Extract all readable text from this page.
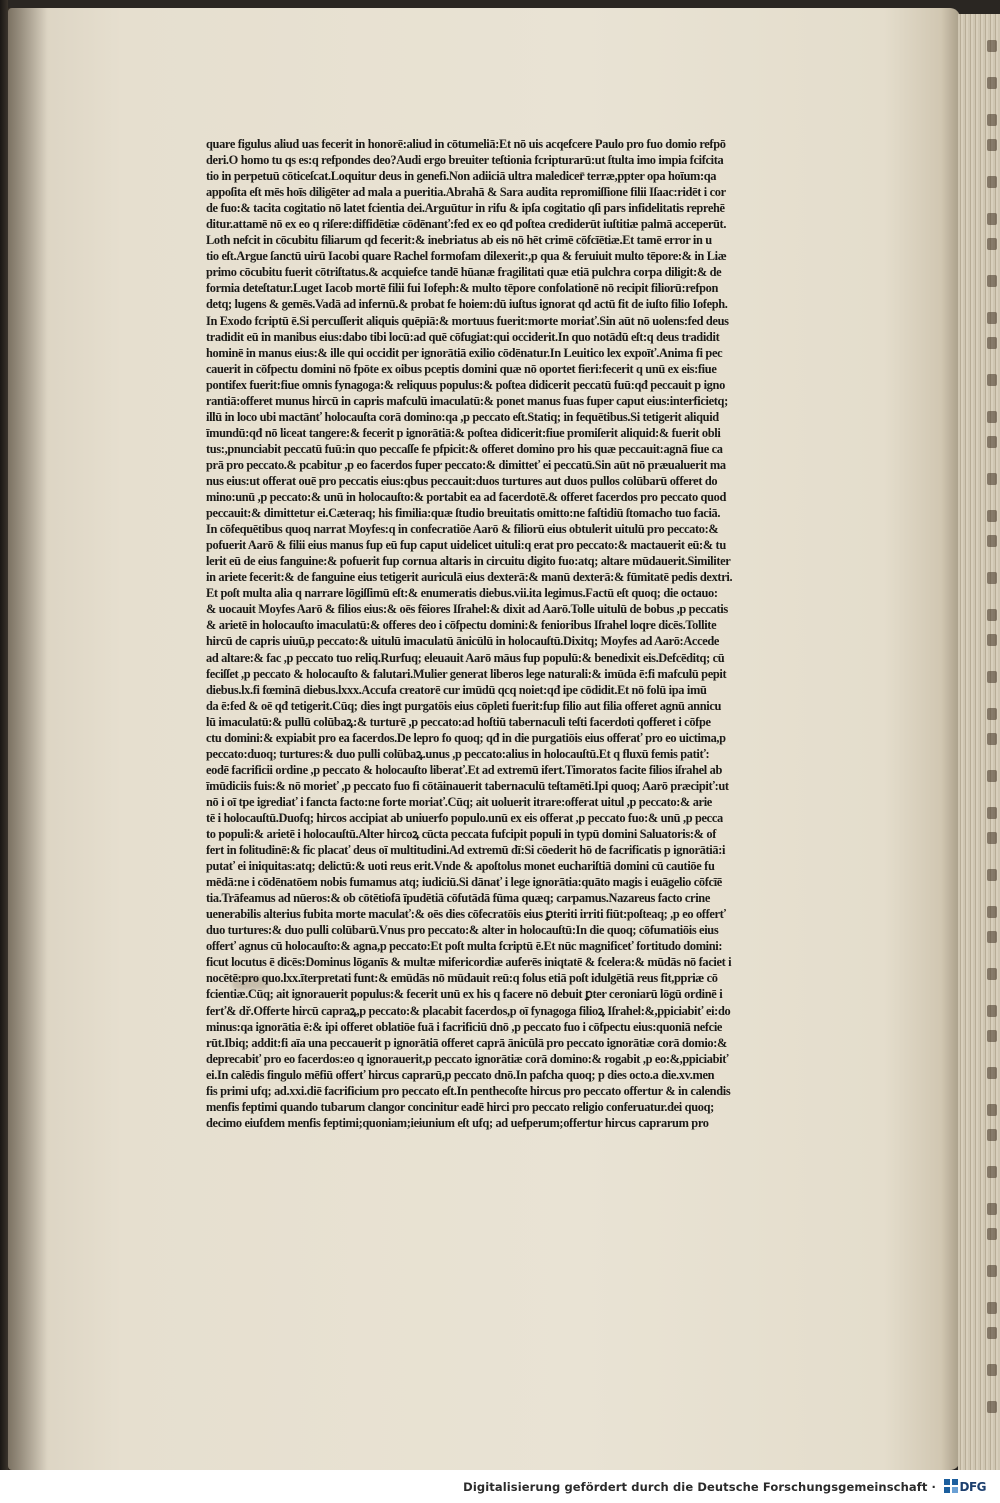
quare figulus aliud uas fecerit in honorē:aliud in cōtumeliā:Et nō uis acqefcere Paulo pro fuo domio refpō
deri.O homo tu qs es:q refpondes deo?Audi ergo breuiter teſtionia fcripturarū:ut ſtulta imo impia fcifcita
tio in perpetuū cōticeſcat.Loquitur deus in genefi.Non adiiciā ultra maledicer̄ terræ,ppter opa hoīum:qa
appoſita eſt mēs hoīs diligēter ad mala a pueritia.Abrahā & Sara audita repromiſſione filii Iſaac:ridēt i cor
de fuo:& tacita cogitatio nō latet fcientia dei.Arguūtur in rifu & ipſa cogitatio qſi pars infidelitatis reprehē
ditur.attamē nō ex eo q riſere:diffidētiæ cōdēnanť:fed ex eo qđ poſtea crediderūt iuſtitiæ palmā acceperūt.
Loth nefcit in cōcubitu filiarum qd fecerit:& inebriatus ab eis nō hēt crimē cōfcīētiæ.Et tamē error in u
tio eſt.Argue ſanctū uirū Iacobi quare Rachel formofam dilexerit:,p qua & feruiuit multo tēpore:& in Liæ
primo cōcubitu fuerit cōtriſtatus.& acquiefce tandē hūanæ fragilitati quæ etiā pulchra corpa diligit:& de
formia deteſtatur.Luget Iacob mortē filii fui Iofeph:& multo tēpore confolationē nō recipit filiorū:refpon
detq; lugens & gemēs.Vadā ad infernū.& probat fe hoiem:dū iuſtus ignorat qd actū fit de iuſto filio Iofeph.
In Exodo fcriptū ē.Si percuſſerit aliquis quēpiā:& mortuus fuerit:morte moriať.Sin aūt nō uolens:fed deus
tradidit eū in manibus eius:dabo tibi locū:ad quē cōfugiat:qui occiderit.In quo notādū eſt:q deus tradidit
hominē in manus eius:& ille qui occidit per ignorātiā exilio cōdēnatur.In Leuitico lex expoīť.Anima fi pec
cauerit in cōfpectu domini nō fpōte ex oibus pceptis domini quæ nō oportet fieri:fecerit q unū ex eis:fiue
pontifex fuerit:fiue omnis fynagoga:& reliquus populus:& poſtea didicerit peccatū fuū:qđ peccauit p igno
rantiā:offeret munus hircū in capris mafculū imaculatū:& ponet manus fuas fuper caput eius:interficietq;
illū in loco ubi mactānť holocauſta corā domino:qa ,p peccato eſt.Statiq; in fequētibus.Si tetigerit aliquid
īmundū:qđ nō liceat tangere:& fecerit p ignorātiā:& poſtea didicerit:fiue promiſerit aliquid:& fuerit obli
tus:,pnunciabit peccatū fuū:in quo peccaſſe fe pfpicit:& offeret domino pro his quæ peccauit:agnā fiue ca
prā pro peccato.& pcabitur ,p eo facerdos fuper peccato:& dimitteť ei peccatū.Sin aūt nō præualuerit ma
nus eius:ut offerat ouē pro peccatis eius:qbus peccauit:duos turtures aut duos pullos colūbarū offeret do
mino:unū ,p peccato:& unū in holocauſto:& portabit ea ad facerdotē.& offeret facerdos pro peccato quod
peccauit:& dimittetur ei.Cæteraq; his fimilia:quæ ſtudio breuitatis omitto:ne faſtidiū ſtomacho tuo faciā.
In cōfequētibus quoq narrat Moyfes:q in confecratiōe Aarō & filiorū eius obtulerit uitulū pro peccato:&
pofuerit Aarō & filii eius manus fup eū fup caput uidelicet uituli:q erat pro peccato:& mactauerit eū:& tu
lerit eū de eius fanguine:& pofuerit fup cornua altaris in circuitu digito fuo:atq; altare mūdauerit.Similiter
in ariete fecerit:& de fanguine eius tetigerit auriculā eius dexterā:& manū dexterā:& fūmitatē pedis dextri.
Et poſt multa alia q narrare lōgiſſimū eſt:& enumeratis diebus.vii.ita legimus.Factū eſt quoq; die octauo:
& uocauit Moyfes Aarō & filios eius:& oēs fēiores Iſrahel:& dixit ad Aarō.Tolle uitulū de bobus ,p peccatis
& arietē in holocauſto imaculatū:& offeres deo i cōfpectu domini:& fenioribus Iſrahel loqre dicēs.Tollite
hircū de capris uiuū,p peccato:& uitulū imaculatū ānicūlū in holocauſtū.Dixitq; Moyfes ad Aarō:Accede
ad altare:& fac ,p peccato tuo reliq.Rurfuq; eleuauit Aarō māus fup populū:& benedixit eis.Defcēditq; cū
feciſſet ,p peccato & holocauſto & falutari.Mulier generat liberos lege naturali:& imūda ē:fi mafculū pepit
diebus.lx.fi fœminā diebus.lxxx.Accufa creatorē cur imūdū qcq noiet:qđ ipe cōdidit.Et nō folū ipa imū
da ē:fed & oē qđ tetigerit.Cūq; dies ingt purgatōis eius cōpleti fuerit:fup filio aut filia offeret agnū annicu
lū imaculatū:& pullū colūbaꝝ:& turturē ,p peccato:ad hoſtiū tabernaculi teſti facerdoti qofferet i cōfpe
ctu domini:& expiabit pro ea facerdos.De lepro fo quoq; qđ in die purgatiōis eius offerať pro eo uictima,p
peccato:duoq; turtures:& duo pulli colūbaꝝ.unus ,p peccato:alius in holocauſtū.Et q fluxū femis patiť:
eodē facrificii ordine ,p peccato & holocauſto liberať.Et ad extremū ifert.Timoratos facite filios iſrahel ab
īmūdiciis fuis:& nō morieť ,p peccato fuo fi cōtāinauerit tabernaculū teſtamēti.Ipi quoq; Aarō præcipiť:ut
nō i oī tpe igrediať i fancta facto:ne forte moriať.Cūq; ait uoluerit itrare:offerat uitul ,p peccato:& arie
tē i holocauſtū.Duofq; hircos accipiat ab uniuerfo populo.unū ex eis offerat ,p peccato fuo:& unū ,p pecca
to populi:& arietē i holocauſtū.Alter hircoꝝ cūcta peccata fufcipit populi in typū domini Saluatoris:& of
fert in folitudinē:& fic placať deus oī multitudini.Ad extremū dī:Si cōederit hō de facrificatis p ignorātiā:i
putať ei iniquitas:atq; delictū:& uoti reus erit.Vnde & apoſtolus monet euchariſtiā domini cū cautiōe fu
mēdā:ne i cōdēnatōem nobis fumamus atq; iudiciū.Si dānať i lege ignorātia:quāto magis i euāgelio cōfcīē
tia.Trāfeamus ad nūeros:& ob cōtētiofā īpudētiā cōfutādā fūma quæq; carpamus.Nazareus facto crine
uenerabilis alterius fubita morte maculať:& oēs dies cōfecratōis eius ꝑteriti irriti fiūt:poſteaq; ,p eo offerť
duo turtures:& duo pulli colūbarū.Vnus pro peccato:& alter in holocauſtū:In die quoq; cōfumatiōis eius
offerť agnus cū holocauſto:& agna,p peccato:Et poſt multa fcriptū ē.Et nūc magnificeť fortitudo domini:
ficut locutus ē dicēs:Dominus lōganīs & multæ mifericordiæ auferēs iniqtatē & fcelera:& mūdās nō faciet i
nocētē:pro quo.lxx.īterpretati funt:& emūdās nō mūdauit reū:q folus etiā poſt idulgētiā reus fit,ppriæ cō
fcientiæ.Cūq; ait ignorauerit populus:& fecerit unū ex his q facere nō debuit ꝑter ceroniarū lōgū ordinē i
ferť& dř.Offerte hircū capraꝝ,p peccato:& placabit facerdos,p oī fynagoga filioꝝ Iſrahel:&,ppiciabiť ei:do
minus:qa ignorātia ē:& ipi offeret oblatiōe fuā i facrificiū dnō ,p peccato fuo i cōfpectu eius:quoniā nefcie
rūt.Ibiq; addit:fi aīa una peccauerit p ignorātiā offeret caprā ānicūlā pro peccato ignorātiæ corā domio:&
deprecabiť pro eo facerdos:eo q ignorauerit,p peccato ignorātiæ corā domino:& rogabit ,p eo:&,ppiciabiť
ei.In calēdis fingulo mēfiū offerť hircus caprarū,p peccato dnō.In pafcha quoq; p dies octo.a die.xv.men
fis primi ufq; ad.xxi.diē facrificium pro peccato eſt.In penthecoſte hircus pro peccato offertur & in calendis
menfis feptimi quando tubarum clangor concinitur eadē hirci pro peccato religio conferuatur.dei quoq;
decimo eiufdem menfis feptimi;quoniam;ieiunium eſt ufq; ad uefperum;offertur hircus caprarum pro
Digitalisierung gefördert durch die Deutsche Forschungsgemeinschaft · DFG
